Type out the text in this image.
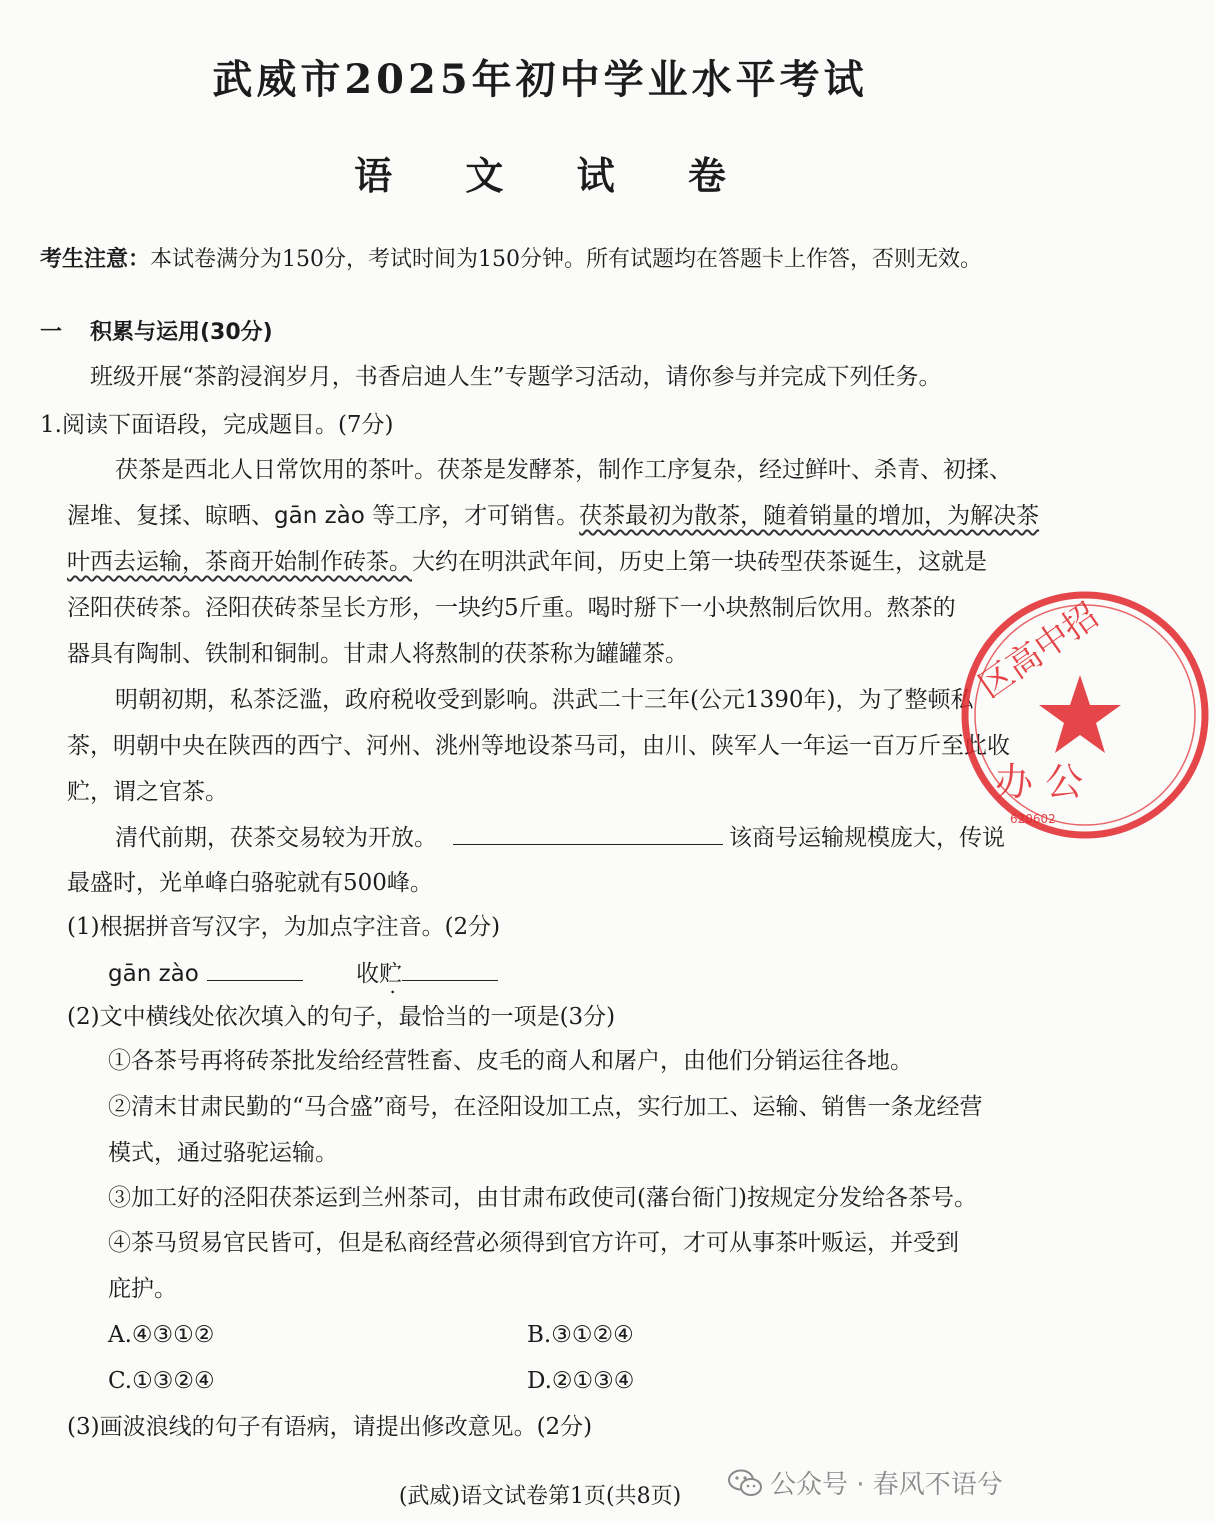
武威市2025年初中学业水平考试
语 文 试 卷
考生注意：本试卷满分为150分，考试时间为150分钟。所有试题均在答题卡上作答，否则无效。
一 积累与运用(30分)
班级开展“茶韵浸润岁月，书香启迪人生”专题学习活动，请你参与并完成下列任务。
1.阅读下面语段，完成题目。(7分)
茯茶是西北人日常饮用的茶叶。茯茶是发酵茶，制作工序复杂，经过鲜叶、杀青、初揉、
渥堆、复揉、晾晒、gān zào 等工序，才可销售。茯茶最初为散茶，随着销量的增加，为解决茶
叶西去运输，茶商开始制作砖茶。大约在明洪武年间，历史上第一块砖型茯茶诞生，这就是
泾阳茯砖茶。泾阳茯砖茶呈长方形，一块约5斤重。喝时掰下一小块熬制后饮用。熬茶的
器具有陶制、铁制和铜制。甘肃人将熬制的茯茶称为罐罐茶。
明朝初期，私茶泛滥，政府税收受到影响。洪武二十三年(公元1390年)，为了整顿私
茶，明朝中央在陕西的西宁、河州、洮州等地设茶马司，由川、陕军人一年运一百万斤至此收
贮，谓之官茶。
清代前期，茯茶交易较为开放。	该商号运输规模庞大，传说
最盛时，光单峰白骆驼就有500峰。
(1)根据拼音写汉字，为加点字注音。(2分)
gān zào	收贮
(2)文中横线处依次填入的句子，最恰当的一项是(3分)
①各茶号再将砖茶批发给经营牲畜、皮毛的商人和屠户，由他们分销运往各地。
②清末甘肃民勤的“马合盛”商号，在泾阳设加工点，实行加工、运输、销售一条龙经营
模式，通过骆驼运输。
③加工好的泾阳茯茶运到兰州茶司，由甘肃布政使司(藩台衙门)按规定分发给各茶号。
④茶马贸易官民皆可，但是私商经营必须得到官方许可，才可从事茶叶贩运，并受到
庇护。
A.④③①②	B.③①②④
C.①③②④	D.②①③④
(3)画波浪线的句子有语病，请提出修改意见。(2分)
(武威)语文试卷第1页(共8页)	公众号 · 春风不语兮
区高中招
办 公
620602
